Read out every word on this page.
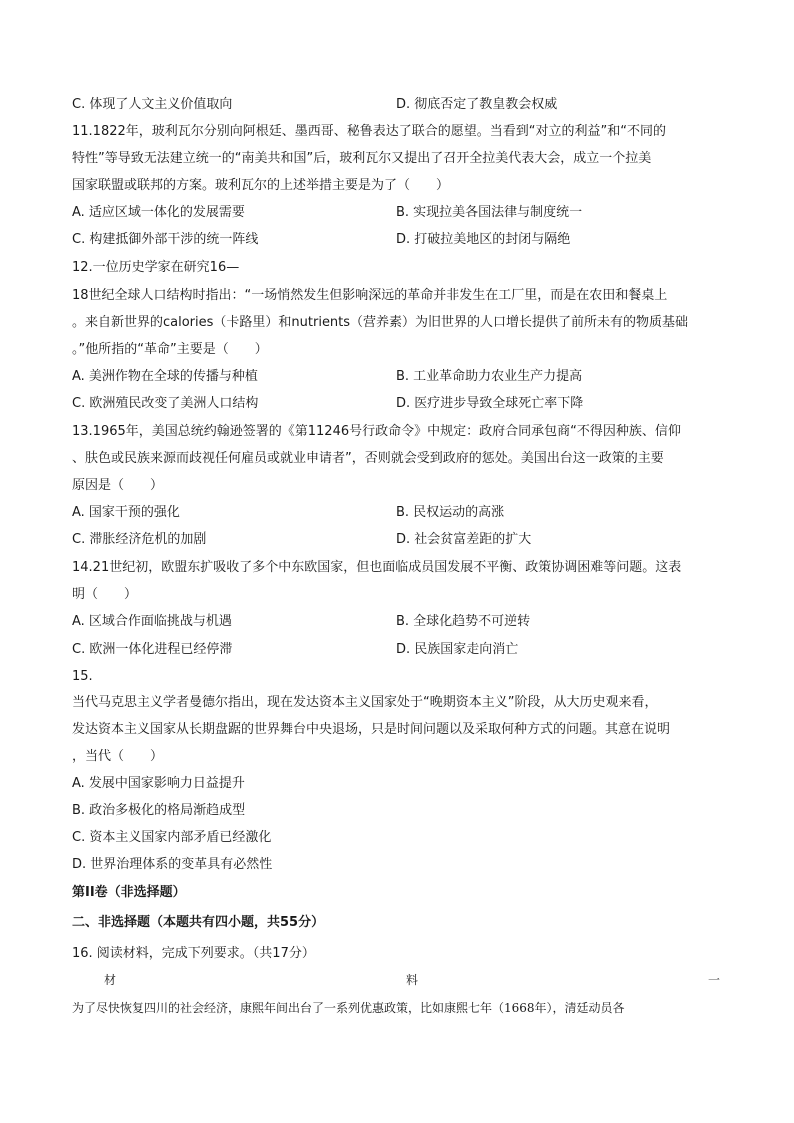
C. 体现了人文主义价值取向	D. 彻底否定了教皇教会权威
11.1822年，玻利瓦尔分别向阿根廷、墨西哥、秘鲁表达了联合的愿望。当看到“对立的利益”和“不同的
特性”等导致无法建立统一的“南美共和国”后，玻利瓦尔又提出了召开全拉美代表大会，成立一个拉美
国家联盟或联邦的方案。玻利瓦尔的上述举措主要是为了（　　）
A. 适应区域一体化的发展需要	B. 实现拉美各国法律与制度统一
C. 构建抵御外部干涉的统一阵线	D. 打破拉美地区的封闭与隔绝
12.一位历史学家在研究16—
18世纪全球人口结构时指出：“一场悄然发生但影响深远的革命并非发生在工厂里，而是在农田和餐桌上
。来自新世界的calories（卡路里）和nutrients（营养素）为旧世界的人口增长提供了前所未有的物质基础
。”他所指的“革命”主要是（　　）
A. 美洲作物在全球的传播与种植	B. 工业革命助力农业生产力提高
C. 欧洲殖民改变了美洲人口结构	D. 医疗进步导致全球死亡率下降
13.1965年，美国总统约翰逊签署的《第11246号行政命令》中规定：政府合同承包商“不得因种族、信仰
、肤色或民族来源而歧视任何雇员或就业申请者”，否则就会受到政府的惩处。美国出台这一政策的主要
原因是（　　）
A. 国家干预的强化	B. 民权运动的高涨
C. 滞胀经济危机的加剧	D. 社会贫富差距的扩大
14.21世纪初，欧盟东扩吸收了多个中东欧国家，但也面临成员国发展不平衡、政策协调困难等问题。这表
明（　　）
A. 区域合作面临挑战与机遇	B. 全球化趋势不可逆转
C. 欧洲一体化进程已经停滞	D. 民族国家走向消亡
15.
当代马克思主义学者曼德尔指出，现在发达资本主义国家处于“晚期资本主义”阶段，从大历史观来看，
发达资本主义国家从长期盘踞的世界舞台中央退场，只是时间问题以及采取何种方式的问题。其意在说明
，当代（　　）
A. 发展中国家影响力日益提升
B. 政治多极化的格局渐趋成型
C. 资本主义国家内部矛盾已经激化
D. 世界治理体系的变革具有必然性
第II卷（非选择题）
二、非选择题（本题共有四小题，共55分）
16. 阅读材料，完成下列要求。（共17分）
材	料	一
为了尽快恢复四川的社会经济，康熙年间出台了一系列优惠政策，比如康熙七年（1668年），清廷动员各
